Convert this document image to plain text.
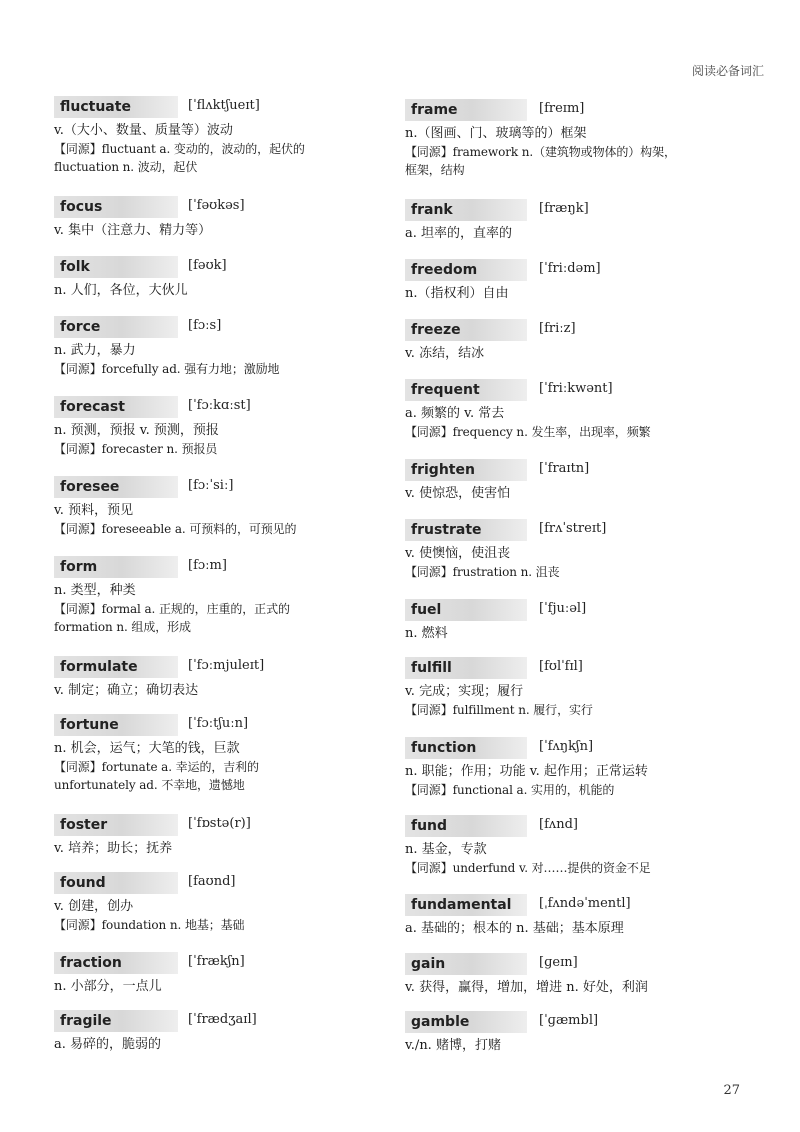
阅读必备词汇
fluctuate	[ˈflʌktʃueɪt]
v.（大小、数量、质量等）波动
【同源】fluctuant a. 变动的，波动的，起伏的
fluctuation n. 波动，起伏
focus	[ˈfəʊkəs]
v. 集中（注意力、精力等）
folk	[fəʊk]
n. 人们，各位，大伙儿
force	[fɔːs]
n. 武力，暴力
【同源】forcefully ad. 强有力地；激励地
forecast	[ˈfɔːkɑːst]
n. 预测，预报 v. 预测，预报
【同源】forecaster n. 预报员
foresee	[fɔːˈsiː]
v. 预料，预见
【同源】foreseeable a. 可预料的，可预见的
form	[fɔːm]
n. 类型，种类
【同源】formal a. 正规的，庄重的，正式的
formation n. 组成，形成
formulate	[ˈfɔːmjuleɪt]
v. 制定；确立；确切表达
fortune	[ˈfɔːtʃuːn]
n. 机会，运气；大笔的钱，巨款
【同源】fortunate a. 幸运的，吉利的
unfortunately ad. 不幸地，遗憾地
foster	[ˈfɒstə(r)]
v. 培养；助长；抚养
found	[faʊnd]
v. 创建，创办
【同源】foundation n. 地基；基础
fraction	[ˈfrækʃn]
n. 小部分，一点儿
fragile	[ˈfrædʒaɪl]
a. 易碎的，脆弱的
frame	[freɪm]
n.（图画、门、玻璃等的）框架
【同源】framework n.（建筑物或物体的）构架，
框架，结构
frank	[fræŋk]
a. 坦率的，直率的
freedom	[ˈfriːdəm]
n.（指权利）自由
freeze	[friːz]
v. 冻结，结冰
frequent	[ˈfriːkwənt]
a. 频繁的 v. 常去
【同源】frequency n. 发生率，出现率，频繁
frighten	[ˈfraɪtn]
v. 使惊恐，使害怕
frustrate	[frʌˈstreɪt]
v. 使懊恼，使沮丧
【同源】frustration n. 沮丧
fuel	[ˈfjuːəl]
n. 燃料
fulfill	[fʊlˈfɪl]
v. 完成；实现；履行
【同源】fulfillment n. 履行，实行
function	[ˈfʌŋkʃn]
n. 职能；作用；功能 v. 起作用；正常运转
【同源】functional a. 实用的，机能的
fund	[fʌnd]
n. 基金，专款
【同源】underfund v. 对……提供的资金不足
fundamental	[ˌfʌndəˈmentl]
a. 基础的；根本的 n. 基础；基本原理
gain	[ɡeɪn]
v. 获得，赢得，增加，增进 n. 好处，利润
gamble	[ˈɡæmbl]
v./n. 赌博，打赌
27
